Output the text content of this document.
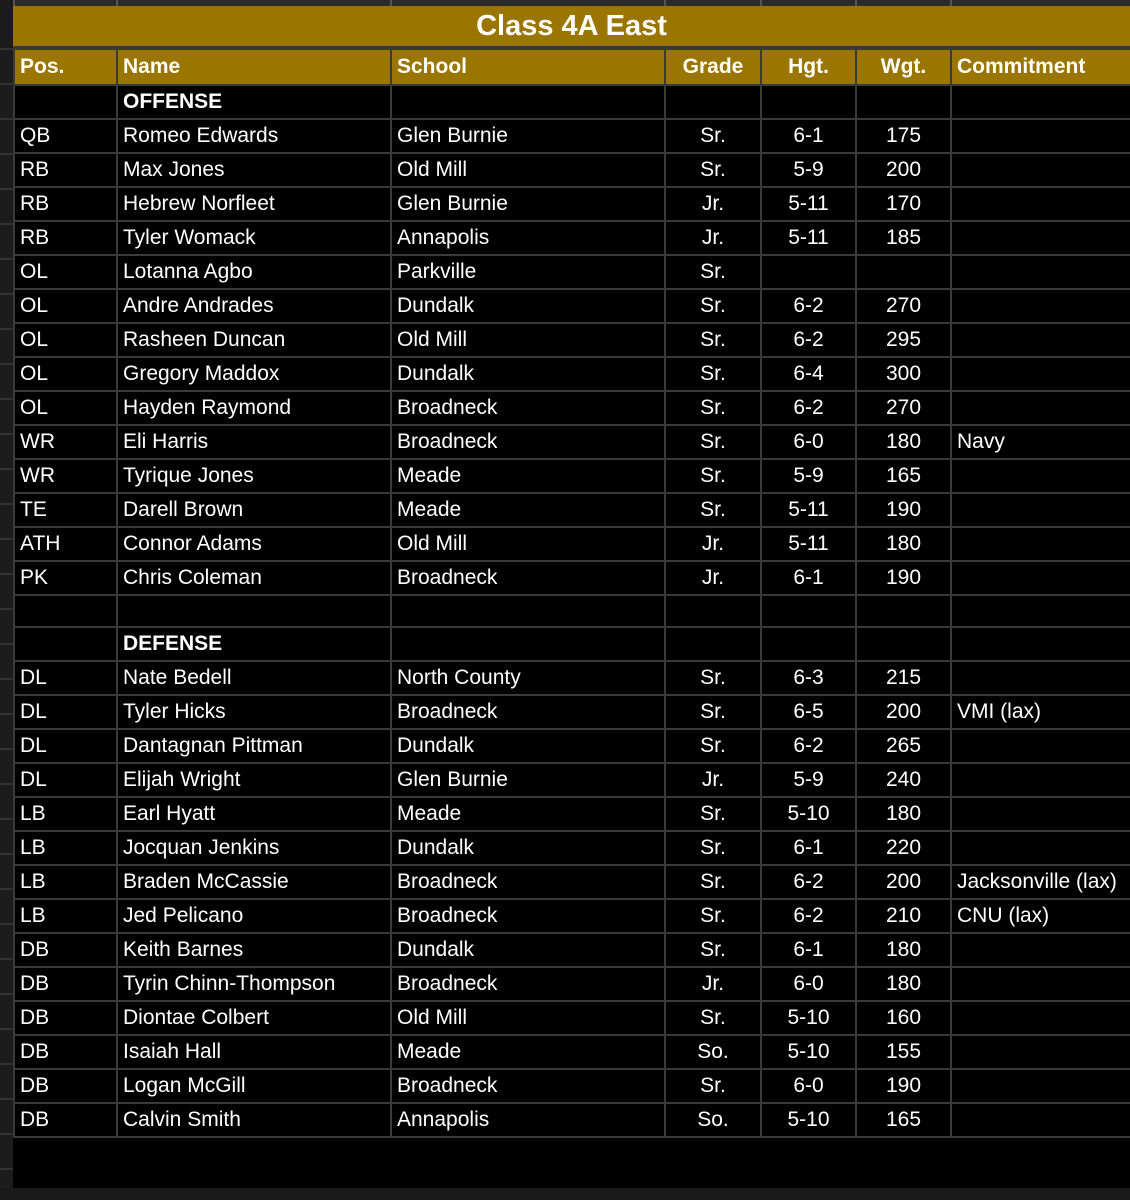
Class 4A East
Pos.	Name	School	Grade	Hgt.	Wgt.	Commitment
	OFFENSE					
QB	Romeo Edwards	Glen Burnie	Sr.	6-1	175	
RB	Max Jones	Old Mill	Sr.	5-9	200	
RB	Hebrew Norfleet	Glen Burnie	Jr.	5-11	170	
RB	Tyler Womack	Annapolis	Jr.	5-11	185	
OL	Lotanna Agbo	Parkville	Sr.			
OL	Andre Andrades	Dundalk	Sr.	6-2	270	
OL	Rasheen Duncan	Old Mill	Sr.	6-2	295	
OL	Gregory Maddox	Dundalk	Sr.	6-4	300	
OL	Hayden Raymond	Broadneck	Sr.	6-2	270	
WR	Eli Harris	Broadneck	Sr.	6-0	180	Navy
WR	Tyrique Jones	Meade	Sr.	5-9	165	
TE	Darell Brown	Meade	Sr.	5-11	190	
ATH	Connor Adams	Old Mill	Jr.	5-11	180	
PK	Chris Coleman	Broadneck	Jr.	6-1	190	

	DEFENSE					
DL	Nate Bedell	North County	Sr.	6-3	215	
DL	Tyler Hicks	Broadneck	Sr.	6-5	200	VMI (lax)
DL	Dantagnan Pittman	Dundalk	Sr.	6-2	265	
DL	Elijah Wright	Glen Burnie	Jr.	5-9	240	
LB	Earl Hyatt	Meade	Sr.	5-10	180	
LB	Jocquan Jenkins	Dundalk	Sr.	6-1	220	
LB	Braden McCassie	Broadneck	Sr.	6-2	200	Jacksonville (lax)
LB	Jed Pelicano	Broadneck	Sr.	6-2	210	CNU (lax)
DB	Keith Barnes	Dundalk	Sr.	6-1	180	
DB	Tyrin Chinn-Thompson	Broadneck	Jr.	6-0	180	
DB	Diontae Colbert	Old Mill	Sr.	5-10	160	
DB	Isaiah Hall	Meade	So.	5-10	155	
DB	Logan McGill	Broadneck	Sr.	6-0	190	
DB	Calvin Smith	Annapolis	So.	5-10	165	
